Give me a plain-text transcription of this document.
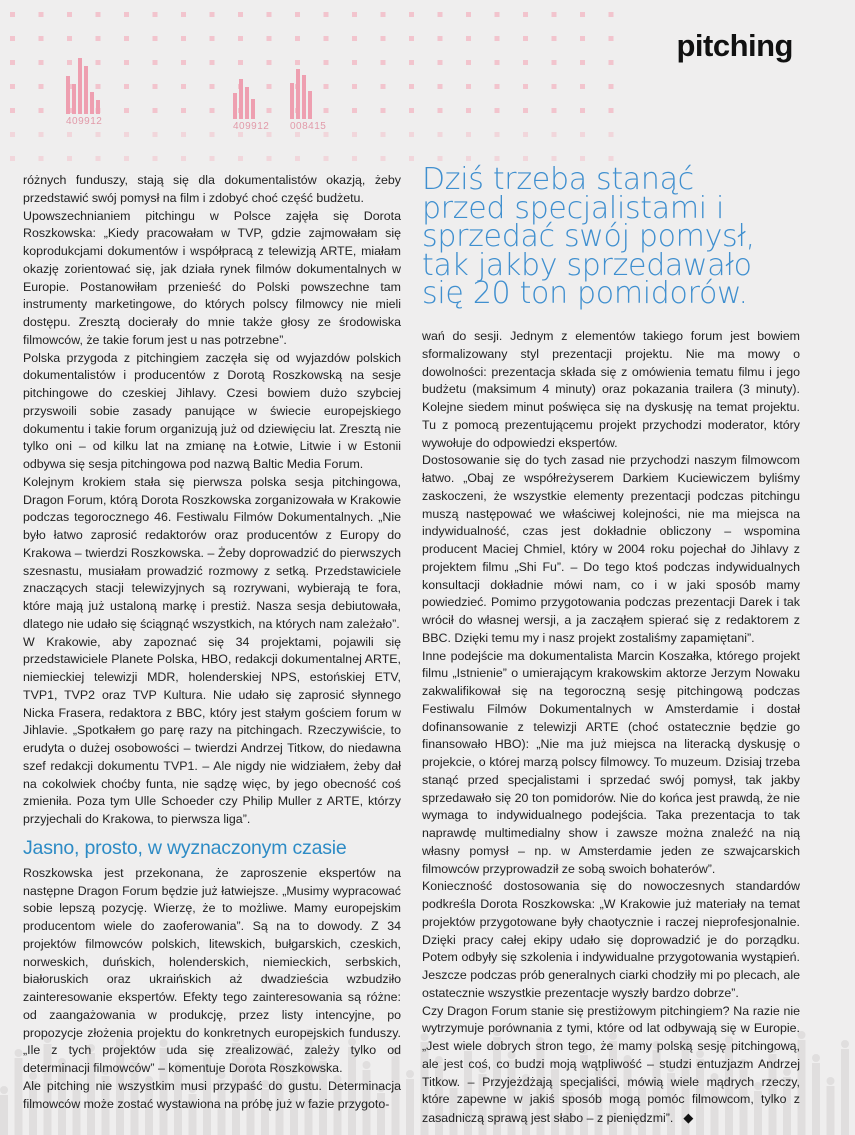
pitching
409912	409912 008415
Dziś trzeba stanąć przed specjalistami i sprzedać swój pomysł, tak jakby sprzedawało się 20 ton pomidorów.

różnych funduszy, stają się dla dokumentalistów okazją, żeby przedstawić swój pomysł na film i zdobyć choć część budżetu.

Upowszechnianiem pitchingu w Polsce zajęła się Dorota Roszkowska: „Kiedy pracowałam w TVP, gdzie zajmowałam się koprodukcjami dokumentów i współpracą z telewizją ARTE, miałam okazję zorientować się, jak działa rynek filmów dokumentalnych w Europie. Postanowiłam przenieść do Polski powszechne tam instrumenty marketingowe, do których polscy filmowcy nie mieli dostępu. Zresztą docierały do mnie także głosy ze środowiska filmowców, że takie forum jest u nas potrzebne”.

Polska przygoda z pitchingiem zaczęła się od wyjazdów polskich dokumentalistów i producentów z Dorotą Roszkowską na sesje pitchingowe do czeskiej Jihlavy. Czesi bowiem dużo szybciej przyswoili sobie zasady panujące w świecie europejskiego dokumentu i takie forum organizują już od dziewięciu lat. Zresztą nie tylko oni – od kilku lat na zmianę na Łotwie, Litwie i w Estonii odbywa się sesja pitchingowa pod nazwą Baltic Media Forum.

Kolejnym krokiem stała się pierwsza polska sesja pitchingowa, Dragon Forum, którą Dorota Roszkowska zorganizowała w Krakowie podczas tegorocznego 46. Festiwalu Filmów Dokumentalnych. „Nie było łatwo zaprosić redaktorów oraz producentów z Europy do Krakowa – twierdzi Roszkowska. – Żeby doprowadzić do pierwszych szesnastu, musiałam prowadzić rozmowy z setką. Przedstawiciele znaczących stacji telewizyjnych są rozrywani, wybierają te fora, które mają już ustaloną markę i prestiż. Nasza sesja debiutowała, dlatego nie udało się ściągnąć wszystkich, na których nam zależało”.

W Krakowie, aby zapoznać się 34 projektami, pojawili się przedstawiciele Planete Polska, HBO, redakcji dokumentalnej ARTE, niemieckiej telewizji MDR, holenderskiej NPS, estońskiej ETV, TVP1, TVP2 oraz TVP Kultura. Nie udało się zaprosić słynnego Nicka Frasera, redaktora z BBC, który jest stałym gościem forum w Jihlavie. „Spotkałem go parę razy na pitchingach. Rzeczywiście, to erudyta o dużej osobowości – twierdzi Andrzej Titkow, do niedawna szef redakcji dokumentu TVP1. – Ale nigdy nie widziałem, żeby dał na cokolwiek choćby funta, nie sądzę więc, by jego obecność coś zmieniła. Poza tym Ulle Schoeder czy Philip Muller z ARTE, którzy przyjechali do Krakowa, to pierwsza liga”.

Jasno, prosto, w wyznaczonym czasie

Roszkowska jest przekonana, że zaproszenie ekspertów na następne Dragon Forum będzie już łatwiejsze. „Musimy wypracować sobie lepszą pozycję. Wierzę, że to możliwe. Mamy europejskim producentom wiele do zaoferowania”. Są na to dowody. Z 34 projektów filmowców polskich, litewskich, bułgarskich, czeskich, norweskich, duńskich, holenderskich, niemieckich, serbskich, białoruskich oraz ukraińskich aż dwadzieścia wzbudziło zainteresowanie ekspertów. Efekty tego zainteresowania są różne: od zaangażowania w produkcję, przez listy intencyjne, po propozycje złożenia projektu do konkretnych europejskich funduszy. „Ile z tych projektów uda się zrealizować, zależy tylko od determinacji filmowców” – komentuje Dorota Roszkowska.

Ale pitching nie wszystkim musi przypaść do gustu. Determinacja filmowców może zostać wystawiona na próbę już w fazie przygoto-

wań do sesji. Jednym z elementów takiego forum jest bowiem sformalizowany styl prezentacji projektu. Nie ma mowy o dowolności: prezentacja składa się z omówienia tematu filmu i jego budżetu (maksimum 4 minuty) oraz pokazania trailera (3 minuty). Kolejne siedem minut poświęca się na dyskusję na temat projektu. Tu z pomocą prezentującemu projekt przychodzi moderator, który wywołuje do odpowiedzi ekspertów.

Dostosowanie się do tych zasad nie przychodzi naszym filmowcom łatwo. „Obaj ze współreżyserem Darkiem Kuciewiczem byliśmy zaskoczeni, że wszystkie elementy prezentacji podczas pitchingu muszą następować we właściwej kolejności, nie ma miejsca na indywidualność, czas jest dokładnie obliczony – wspomina producent Maciej Chmiel, który w 2004 roku pojechał do Jihlavy z projektem filmu „Shi Fu”. – Do tego ktoś podczas indywidualnych konsultacji dokładnie mówi nam, co i w jaki sposób mamy powiedzieć. Pomimo przygotowania podczas prezentacji Darek i tak wrócił do własnej wersji, a ja zacząłem spierać się z redaktorem z BBC. Dzięki temu my i nasz projekt zostaliśmy zapamiętani”.

Inne podejście ma dokumentalista Marcin Koszałka, którego projekt filmu „Istnienie” o umierającym krakowskim aktorze Jerzym Nowaku zakwalifikował się na tegoroczną sesję pitchingową podczas Festiwalu Filmów Dokumentalnych w Amsterdamie i dostał dofinansowanie z telewizji ARTE (choć ostatecznie będzie go finansowało HBO): „Nie ma już miejsca na literacką dyskusję o projekcie, o której marzą polscy filmowcy. To muzeum. Dzisiaj trzeba stanąć przed specjalistami i sprzedać swój pomysł, tak jakby sprzedawało się 20 ton pomidorów. Nie do końca jest prawdą, że nie wymaga to indywidualnego podejścia. Taka prezentacja to tak naprawdę multimedialny show i zawsze można znaleźć na nią własny pomysł – np. w Amsterdamie jeden ze szwajcarskich filmowców przyprowadził ze sobą swoich bohaterów”.

Konieczność dostosowania się do nowoczesnych standardów podkreśla Dorota Roszkowska: „W Krakowie już materiały na temat projektów przygotowane były chaotycznie i raczej nieprofesjonalnie. Dzięki pracy całej ekipy udało się doprowadzić je do porządku. Potem odbyły się szkolenia i indywidualne przygotowania wystąpień. Jeszcze podczas prób generalnych ciarki chodziły mi po plecach, ale ostatecznie wszystkie prezentacje wyszły bardzo dobrze”.

Czy Dragon Forum stanie się prestiżowym pitchingiem? Na razie nie wytrzymuje porównania z tymi, które od lat odbywają się w Europie. „Jest wiele dobrych stron tego, że mamy polską sesję pitchingową, ale jest coś, co budzi moją wątpliwość – studzi entuzjazm Andrzej Titkow. – Przyjeżdżają specjaliści, mówią wiele mądrych rzeczy, które zapewne w jakiś sposób mogą pomóc filmowcom, tylko z zasadniczą sprawą jest słabo – z pieniędzmi”. ◆
